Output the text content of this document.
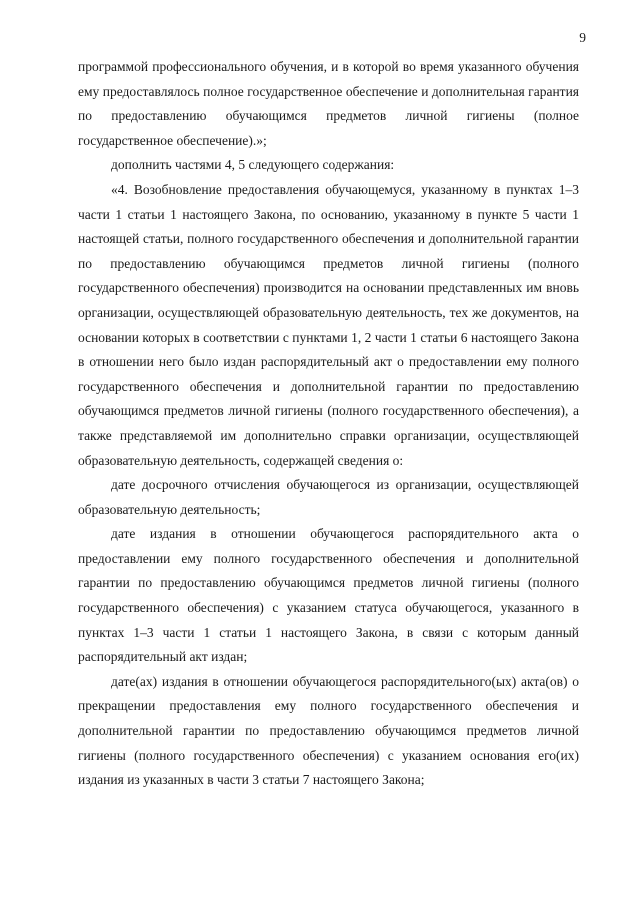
9

программой профессионального обучения, и в которой во время указанного обучения ему предоставлялось полное государственное обеспечение и дополнительная гарантия по предоставлению обучающимся предметов личной гигиены (полное государственное обеспечение).»;

дополнить частями 4, 5 следующего содержания:

«4. Возобновление предоставления обучающемуся, указанному в пунктах 1–3 части 1 статьи 1 настоящего Закона, по основанию, указанному в пункте 5 части 1 настоящей статьи, полного государственного обеспечения и дополнительной гарантии по предоставлению обучающимся предметов личной гигиены (полного государственного обеспечения) производится на основании представленных им вновь организации, осуществляющей образовательную деятельность, тех же документов, на основании которых в соответствии с пунктами 1, 2 части 1 статьи 6 настоящего Закона в отношении него было издан распорядительный акт о предоставлении ему полного государственного обеспечения и дополнительной гарантии по предоставлению обучающимся предметов личной гигиены (полного государственного обеспечения), а также представляемой им дополнительно справки организации, осуществляющей образовательную деятельность, содержащей сведения о:

дате досрочного отчисления обучающегося из организации, осуществляющей образовательную деятельность;

дате издания в отношении обучающегося распорядительного акта о предоставлении ему полного государственного обеспечения и дополнительной гарантии по предоставлению обучающимся предметов личной гигиены (полного государственного обеспечения) с указанием статуса обучающегося, указанного в пунктах 1–3 части 1 статьи 1 настоящего Закона, в связи с которым данный распорядительный акт издан;

дате(ах) издания в отношении обучающегося распорядительного(ых) акта(ов) о прекращении предоставления ему полного государственного обеспечения и дополнительной гарантии по предоставлению обучающимся предметов личной гигиены (полного государственного обеспечения) с указанием основания его(их) издания из указанных в части 3 статьи 7 настоящего Закона;
